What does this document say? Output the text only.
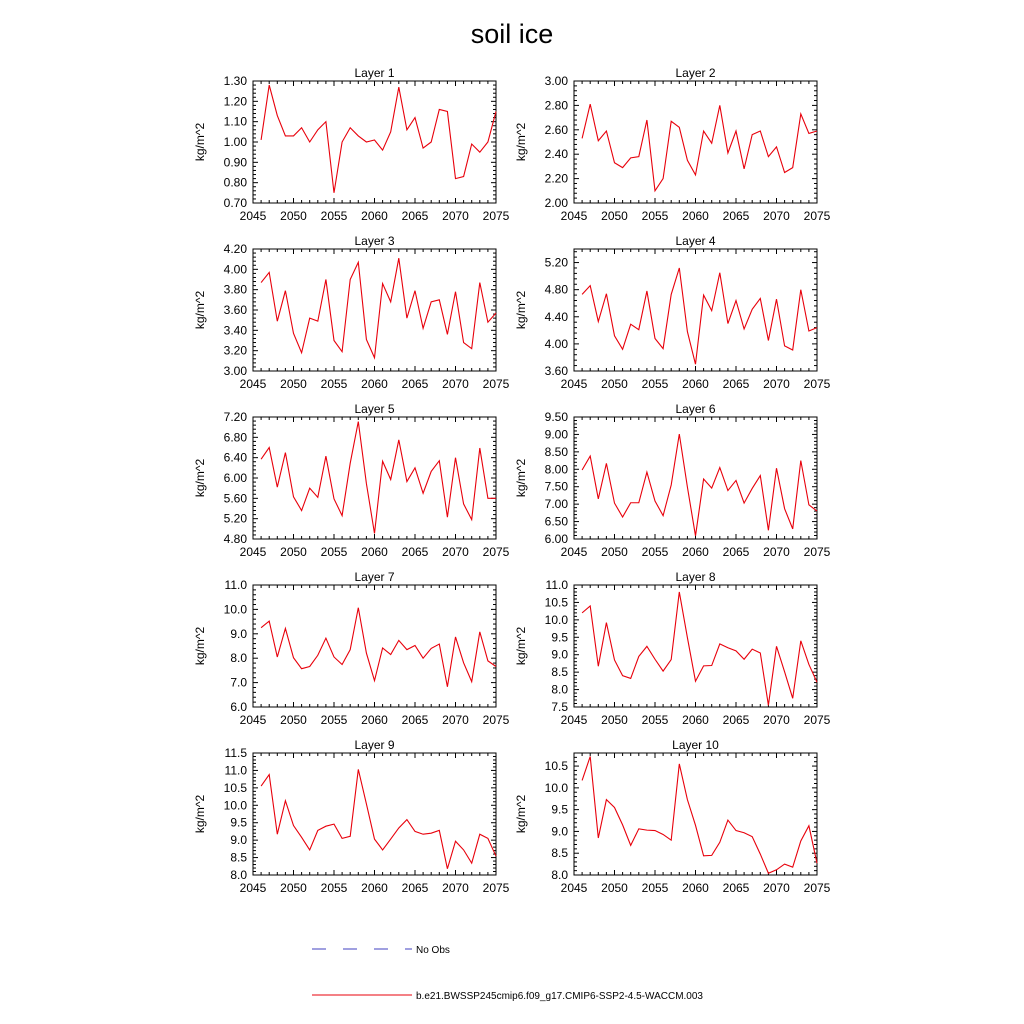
soil ice
Layer 1
kg/m^2
2045 2050 2055 2060 2065 2070 2075
0.70
0.80
0.90
1.00
1.10
1.20
1.30
Layer 2
kg/m^2
2045 2050 2055 2060 2065 2070 2075
2.00
2.20
2.40
2.60
2.80
3.00
Layer 3
kg/m^2
2045 2050 2055 2060 2065 2070 2075
3.00
3.20
3.40
3.60
3.80
4.00
4.20
Layer 4
kg/m^2
2045 2050 2055 2060 2065 2070 2075
3.60
4.00
4.40
4.80
5.20
Layer 5
kg/m^2
2045 2050 2055 2060 2065 2070 2075
4.80
5.20
5.60
6.00
6.40
6.80
7.20
Layer 6
kg/m^2
2045 2050 2055 2060 2065 2070 2075
6.00
6.50
7.00
7.50
8.00
8.50
9.00
9.50
Layer 7
kg/m^2
2045 2050 2055 2060 2065 2070 2075
6.0
7.0
8.0
9.0
10.0
11.0
Layer 8
kg/m^2
2045 2050 2055 2060 2065 2070 2075
7.5
8.0
8.5
9.0
9.5
10.0
10.5
11.0
Layer 9
kg/m^2
2045 2050 2055 2060 2065 2070 2075
8.0
8.5
9.0
9.5
10.0
10.5
11.0
11.5
Layer 10
kg/m^2
2045 2050 2055 2060 2065 2070 2075
8.0
8.5
9.0
9.5
10.0
10.5
No Obs
b.e21.BWSSP245cmip6.f09_g17.CMIP6-SSP2-4.5-WACCM.003
